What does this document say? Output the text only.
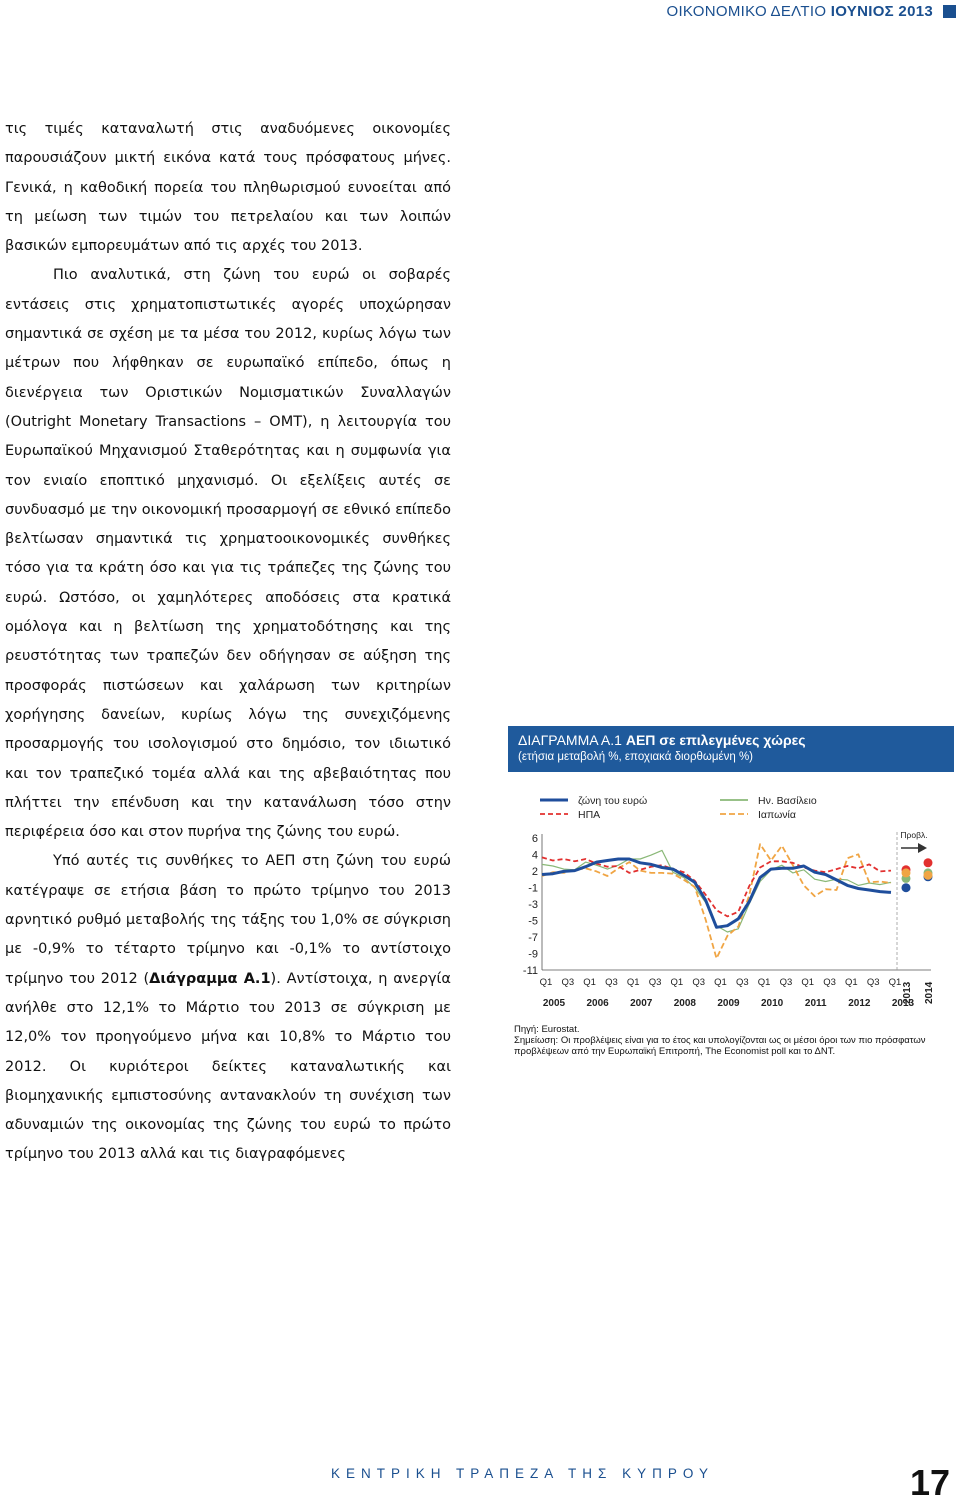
ΟΙΚΟΝΟΜΙΚΟ ΔΕΛΤΙΟ ΙΟΥΝΙΟΣ 2013

τις τιμές καταναλωτή στις αναδυόμενες οικονομίες παρουσιάζουν μικτή εικόνα κατά τους πρόσφατους μήνες. Γενικά, η καθοδική πορεία του πληθωρισμού ευνοείται από τη μείωση των τιμών του πετρελαίου και των λοιπών βασικών εμπορευμάτων από τις αρχές του 2013.

Πιο αναλυτικά, στη ζώνη του ευρώ οι σοβαρές εντάσεις στις χρηματοπιστωτικές αγορές υποχώρησαν σημαντικά σε σχέση με τα μέσα του 2012, κυρίως λόγω των μέτρων που λήφθηκαν σε ευρωπαϊκό επίπεδο, όπως η διενέργεια των Οριστικών Νομισματικών Συναλλαγών (Outright Monetary Transactions – OMT), η λειτουργία του Ευρωπαϊκού Μηχανισμού Σταθερότητας και η συμφωνία για τον ενιαίο εποπτικό μηχανισμό. Οι εξελίξεις αυτές σε συνδυασμό με την οικονομική προσαρμογή σε εθνικό επίπεδο βελτίωσαν σημαντικά τις χρηματοοικονομικές συνθήκες τόσο για τα κράτη όσο και για τις τράπεζες της ζώνης του ευρώ. Ωστόσο, οι χαμηλότερες αποδόσεις στα κρατικά ομόλογα και η βελτίωση της χρηματοδότησης και της ρευστότητας των τραπεζών δεν οδήγησαν σε αύξηση της προσφοράς πιστώσεων και χαλάρωση των κριτηρίων χορήγησης δανείων, κυρίως λόγω της συνεχιζόμενης προσαρμογής του ισολογισμού στο δημόσιο, τον ιδιωτικό και τον τραπεζικό τομέα αλλά και της αβεβαιότητας που πλήττει την επένδυση και την κατανάλωση τόσο στην περιφέρεια όσο και στον πυρήνα της ζώνης του ευρώ.

Υπό αυτές τις συνθήκες το ΑΕΠ στη ζώνη του ευρώ κατέγραψε σε ετήσια βάση το πρώτο τρίμηνο του 2013 αρνητικό ρυθμό μεταβολής της τάξης του 1,0% σε σύγκριση με -0,9% το τέταρτο τρίμηνο και -0,1% το αντίστοιχο τρίμηνο του 2012 (Διάγραμμα Α.1). Αντίστοιχα, η ανεργία ανήλθε στο 12,1% το Μάρτιο του 2013 σε σύγκριση με 12,0% τον προηγούμενο μήνα και 10,8% το Μάρτιο του 2012. Οι κυριότεροι δείκτες καταναλωτικής και βιομηχανικής εμπιστοσύνης αντανακλούν τη συνέχιση των αδυναμιών της οικονομίας της ζώνης του ευρώ το πρώτο τρίμηνο του 2013 αλλά και τις διαγραφόμενες

ΔΙΑΓΡΑΜΜΑ Α.1 ΑΕΠ σε επιλεγμένες χώρες
(ετήσια μεταβολή %, εποχιακά διορθωμένη %)
6
4
2
-1
-3
-5
-7
-9
-11
Q1 Q3 Q1 Q3 Q1 Q3 Q1 Q3 Q1 Q3 Q1 Q3 Q1 Q3 Q1 Q3 Q1
2005 2006 2007 2008 2009 2010 2011 2012 2013
2013 2014
Προβλ.
ζώνη του ευρώ
ΗΠΑ
Ην. Βασίλειο
Ιαπωνία
Πηγή: Eurostat.
Σημείωση: Οι προβλέψεις είναι για το έτος και υπολογίζονται ως οι μέσοι όροι των πιο πρόσφατων προβλέψεων από την Ευρωπαϊκή Επιτροπή, The Economist poll και το ΔΝΤ.
ΚΕΝΤΡΙΚΗ ΤΡΑΠΕΖΑ ΤΗΣ ΚΥΠΡΟΥ	17
